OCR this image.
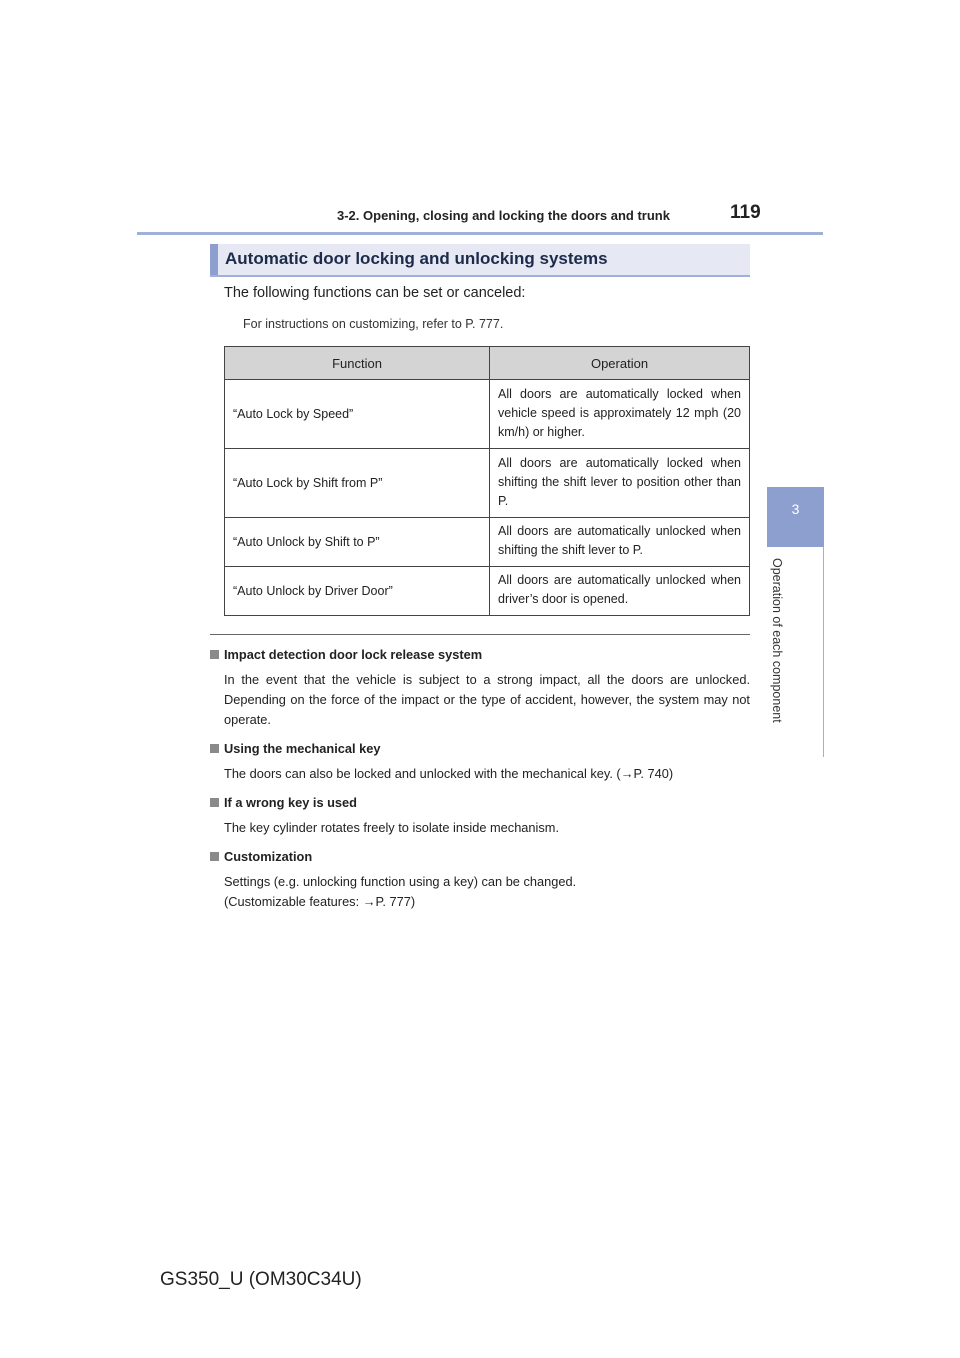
3-2. Opening, closing and locking the doors and trunk	119
3
Operation of each component
Automatic door locking and unlocking systems
The following functions can be set or canceled:
For instructions on customizing, refer to P. 777.
Function	Operation
“Auto Lock by Speed”	All doors are automatically locked when vehicle speed is approximately 12 mph (20 km/h) or higher.
“Auto Lock by Shift from P”	All doors are automatically locked when shifting the shift lever to position other than P.
“Auto Unlock by Shift to P”	All doors are automatically unlocked when shifting the shift lever to P.
“Auto Unlock by Driver Door”	All doors are automatically unlocked when driver’s door is opened.
Impact detection door lock release system
In the event that the vehicle is subject to a strong impact, all the doors are unlocked. Depending on the force of the impact or the type of accident, however, the system may not operate.
Using the mechanical key
The doors can also be locked and unlocked with the mechanical key. (→P. 740)
If a wrong key is used
The key cylinder rotates freely to isolate inside mechanism.
Customization
Settings (e.g. unlocking function using a key) can be changed.
(Customizable features: →P. 777)
GS350_U (OM30C34U)
